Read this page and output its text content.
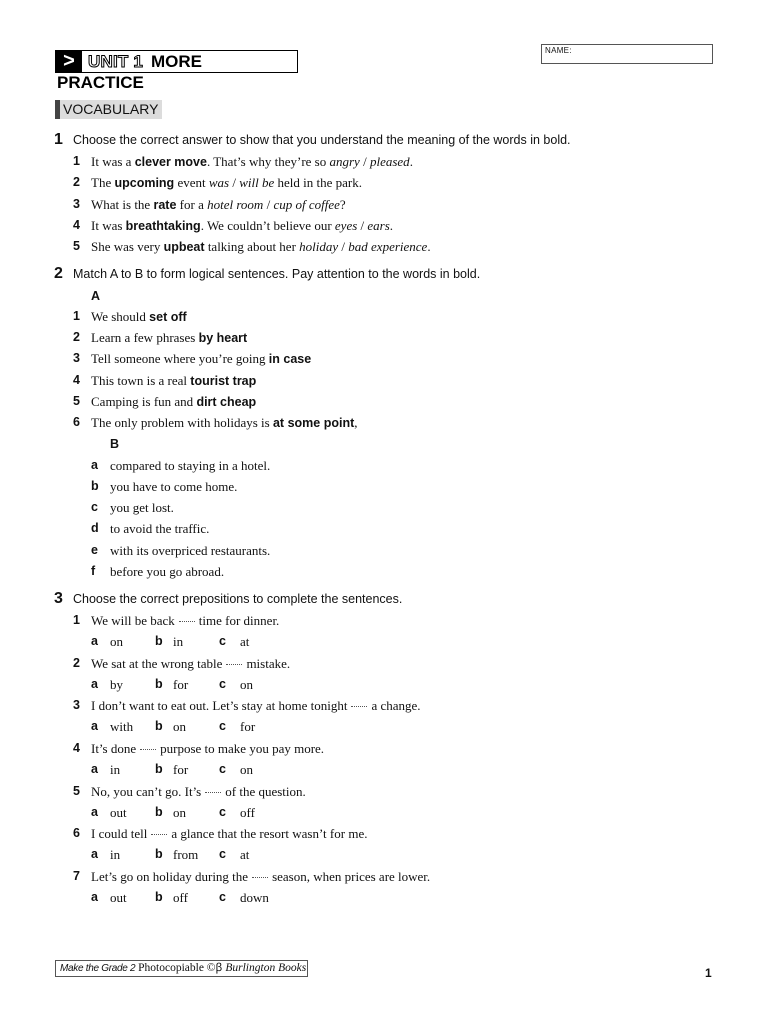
> UNIT 1 MORE
PRACTICE
NAME:
VOCABULARY
1 Choose the correct answer to show that you understand the meaning of the words in bold.
2 Match A to B to form logical sentences. Pay attention to the words in bold.
A
B
3 Choose the correct prepositions to complete the sentences.
1 It was a clever move. That’s why they’re so angry / pleased.
2 The upcoming event was / will be held in the park.
3 What is the rate for a hotel room / cup of coffee?
4 It was breathtaking. We couldn’t believe our eyes / ears.
5 She was very upbeat talking about her holiday / bad experience.
1 We should set off
2 Learn a few phrases by heart
3 Tell someone where you’re going in case
4 This town is a real tourist trap
5 Camping is fun and dirt cheap
6 The only problem with holidays is at some point,
a compared to staying in a hotel.
b you have to come home.
c you get lost.
d to avoid the traffic.
e with its overpriced restaurants.
f before you go abroad.
1 We will be back time for dinner.
a on	b in	c at
2 We sat at the wrong table mistake.
a by	b for c on
3 I don’t want to eat out. Let’s stay at home tonight a change.
a with b on	c for
4 It’s done purpose to make you pay more.
a in	b for c on
5 No, you can’t go. It’s of the question.
a out b on	c off
6 I could tell a glance that the resort wasn’t for me.
a in	b from c at
7 Let’s go on holiday during the season, when prices are lower.
a out b off c down
Make the Grade 2 Photocopiable ©ꞵ Burlington Books	1
